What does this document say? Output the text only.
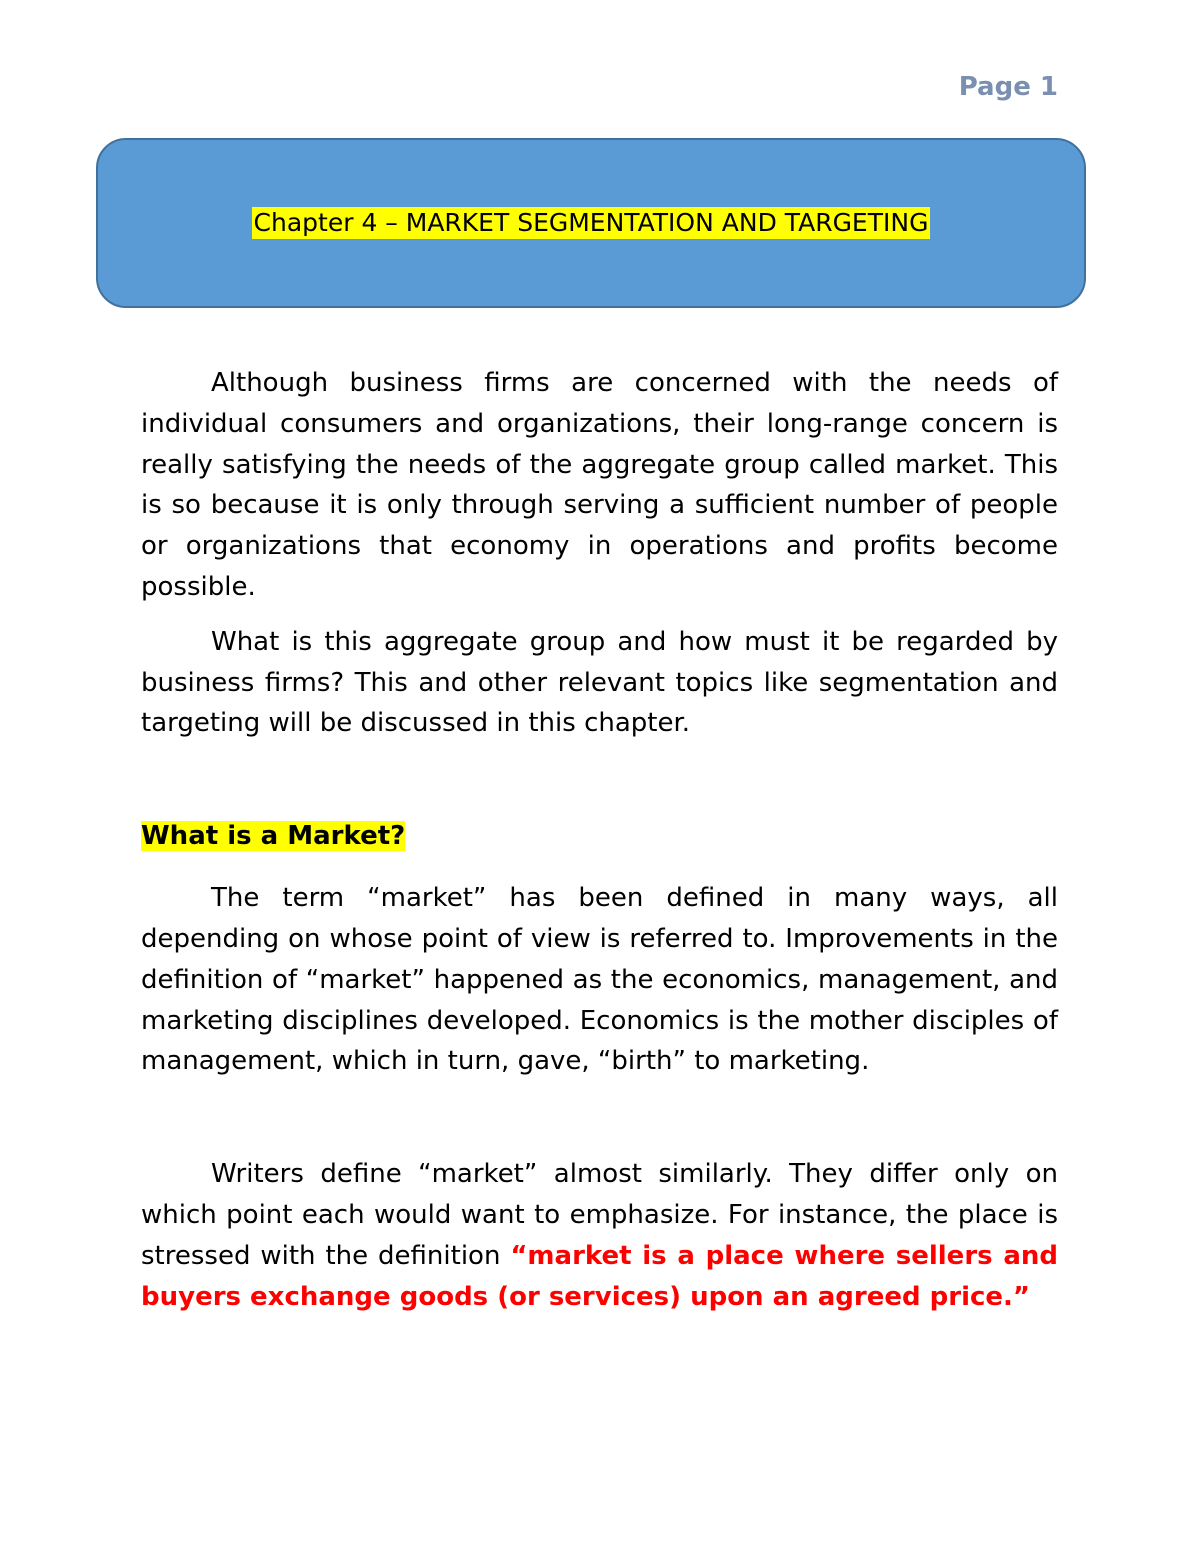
Page 1
Chapter 4 – MARKET SEGMENTATION AND TARGETING

Although business firms are concerned with the needs of individual consumers and organizations, their long-range concern is really satisfying the needs of the aggregate group called market. This is so because it is only through serving a sufficient number of people or organizations that economy in operations and profits become possible.

What is this aggregate group and how must it be regarded by business firms? This and other relevant topics like segmentation and targeting will be discussed in this chapter.

What is a Market?

The term “market” has been defined in many ways, all depending on whose point of view is referred to. Improvements in the definition of “market” happened as the economics, management, and marketing disciplines developed. Economics is the mother disciples of management, which in turn, gave, “birth” to marketing.

Writers define “market” almost similarly. They differ only on which point each would want to emphasize. For instance, the place is stressed with the definition “market is a place where sellers and buyers exchange goods (or services) upon an agreed price.”
